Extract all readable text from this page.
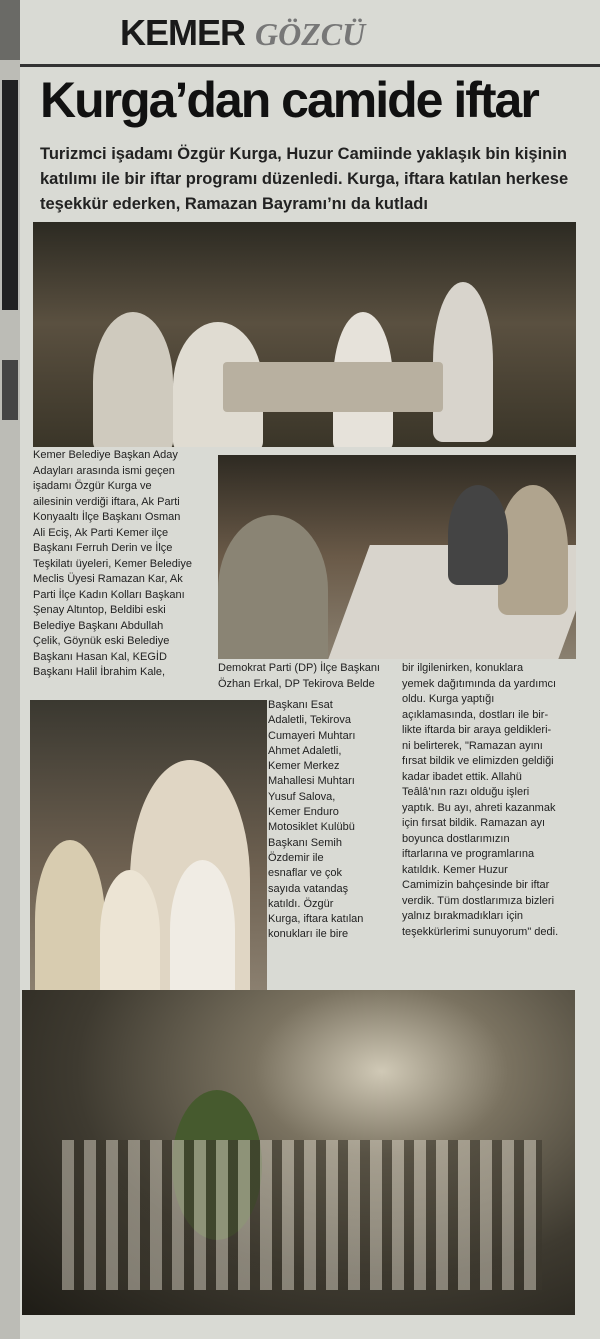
KEMER GÖZCÜ
Kurga’dan camide iftar
Turizmci işadamı Özgür Kurga, Huzur Camiinde yaklaşık bin kişinin katılımı ile bir iftar programı düzenledi. Kurga, iftara katılan herkese teşekkür ederken, Ramazan Bayramı’nı da kutladı
Kemer Belediye Başkan Aday
Adayları arasında ismi geçen
işadamı Özgür Kurga ve
ailesinin verdiği iftara, Ak Parti
Konyaaltı İlçe Başkanı Osman
Ali Eciş, Ak Parti Kemer ilçe
Başkanı Ferruh Derin ve İlçe
Teşkilatı üyeleri, Kemer Belediye
Meclis Üyesi Ramazan Kar, Ak
Parti İlçe Kadın Kolları Başkanı
Şenay Altıntop, Beldibi eski
Belediye Başkanı Abdullah
Çelik, Göynük eski Belediye
Başkanı Hasan Kal, KEGİD
Başkanı Halil İbrahim Kale,	Demokrat Parti (DP) İlçe Başkanı
Özhan Erkal, DP Tekirova Belde
Başkanı Esat
Adaletli, Tekirova
Cumayeri Muhtarı
Ahmet Adaletli,
Kemer Merkez
Mahallesi Muhtarı
Yusuf Salova,
Kemer Enduro
Motosiklet Kulübü
Başkanı Semih
Özdemir ile
esnaflar ve çok
sayıda vatandaş
katıldı. Özgür
Kurga, iftara katılan
konukları ile bire
bir ilgilenirken, konuklara
yemek dağıtımında da yardımcı
oldu. Kurga yaptığı
açıklamasında, dostları ile bir-
likte iftarda bir araya geldikleri-
ni belirterek, "Ramazan ayını
fırsat bildik ve elimizden geldiği
kadar ibadet ettik. Allahü
Teâlâ’nın razı olduğu işleri
yaptık. Bu ayı, ahreti kazanmak
için fırsat bildik. Ramazan ayı
boyunca dostlarımızın
iftarlarına ve programlarına
katıldık. Kemer Huzur
Camimizin bahçesinde bir iftar
verdik. Tüm dostlarımıza bizleri
yalnız bırakmadıkları için
teşekkürlerimi sunuyorum" dedi.
